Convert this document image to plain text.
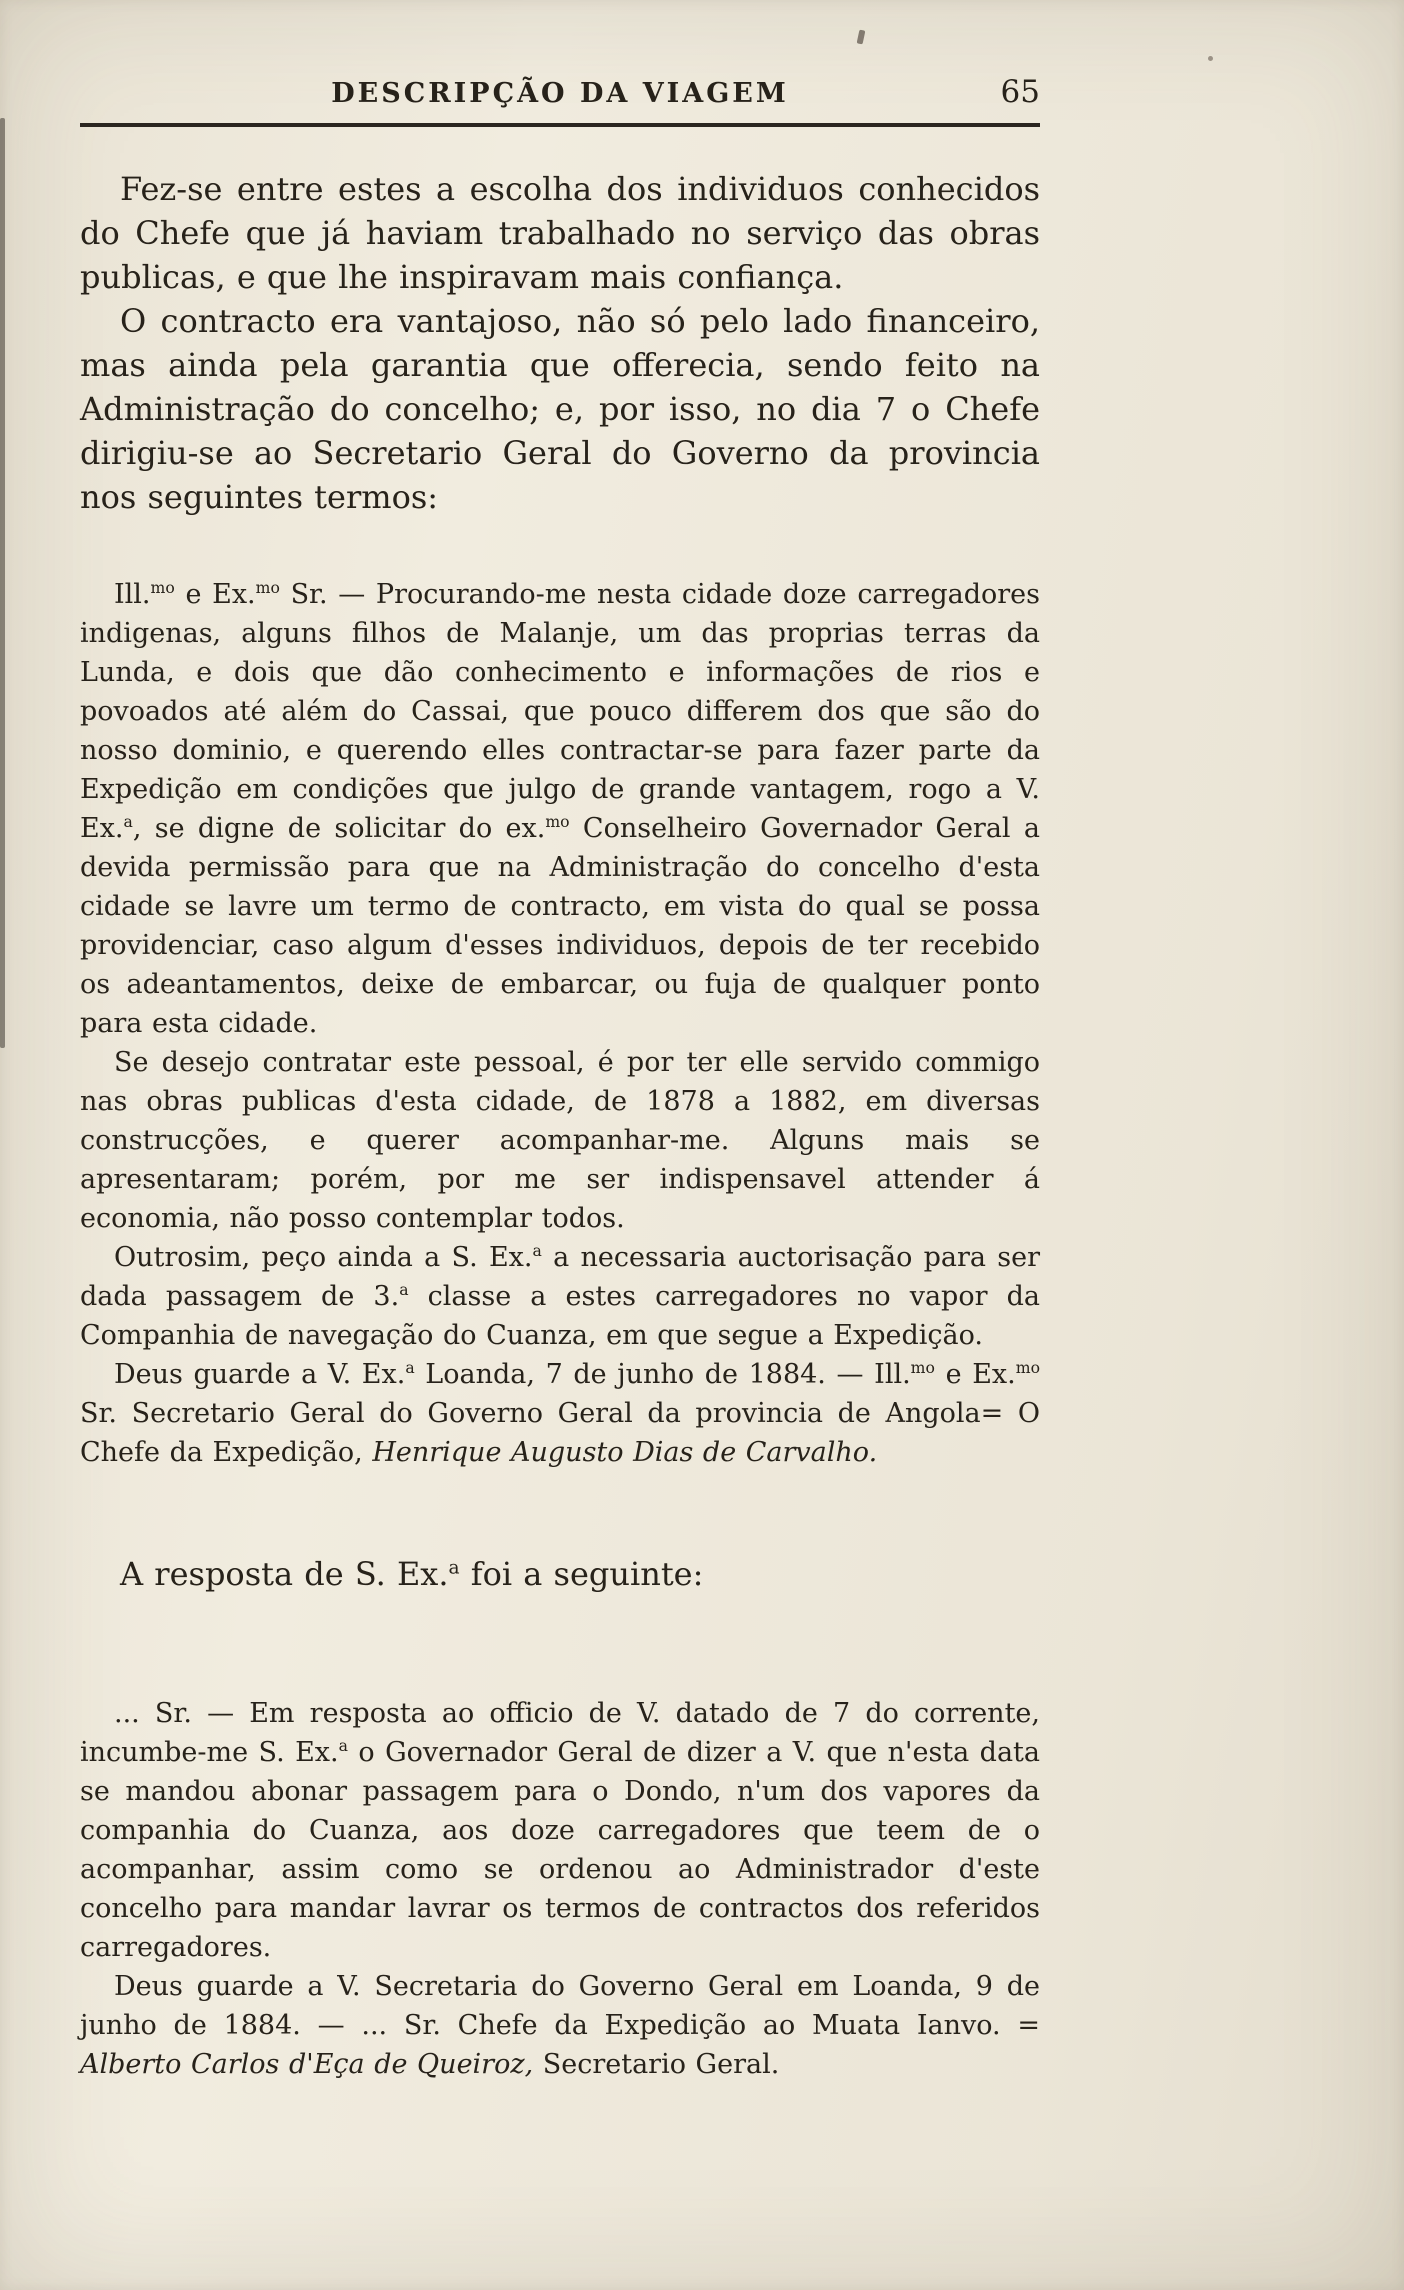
DESCRIPÇÃO DA VIAGEM	65

Fez-se entre estes a escolha dos individuos conhecidos do Chefe que já haviam trabalhado no serviço das obras publicas, e que lhe inspiravam mais confiança.

O contracto era vantajoso, não só pelo lado financeiro, mas ainda pela garantia que offerecia, sendo feito na Administração do concelho; e, por isso, no dia 7 o Chefe dirigiu-se ao Secretario Geral do Governo da provincia nos seguintes termos:

Ill.$^{mo}$ e Ex.$^{mo}$ Sr. — Procurando-me nesta cidade doze carregadores indigenas, alguns filhos de Malanje, um das proprias terras da Lunda, e dois que dão conhecimento e informações de rios e povoados até além do Cassai, que pouco differem dos que são do nosso dominio, e querendo elles contractar-se para fazer parte da Expedição em condições que julgo de grande vantagem, rogo a V. Ex.$^a$, se digne de solicitar do ex.$^{mo}$ Conselheiro Governador Geral a devida permissão para que na Administração do concelho d'esta cidade se lavre um termo de contracto, em vista do qual se possa providenciar, caso algum d'esses individuos, depois de ter recebido os adeantamentos, deixe de embarcar, ou fuja de qualquer ponto para esta cidade.

Se desejo contratar este pessoal, é por ter elle servido commigo nas obras publicas d'esta cidade, de 1878 a 1882, em diversas construcções, e querer acompanhar-me. Alguns mais se apresentaram; porém, por me ser indispensavel attender á economia, não posso contemplar todos.

Outrosim, peço ainda a S. Ex.$^a$ a necessaria auctorisação para ser dada passagem de 3.$^a$ classe a estes carregadores no vapor da Companhia de navegação do Cuanza, em que segue a Expedição.

Deus guarde a V. Ex.$^a$ Loanda, 7 de junho de 1884. — Ill.$^{mo}$ e Ex.$^{mo}$ Sr. Secretario Geral do Governo Geral da provincia de Angola= O Chefe da Expedição, Henrique Augusto Dias de Carvalho.

A resposta de S. Ex.$^a$ foi a seguinte:

... Sr. — Em resposta ao officio de V. datado de 7 do corrente, incumbe-me S. Ex.$^a$ o Governador Geral de dizer a V. que n'esta data se mandou abonar passagem para o Dondo, n'um dos vapores da companhia do Cuanza, aos doze carregadores que teem de o acompanhar, assim como se ordenou ao Administrador d'este concelho para mandar lavrar os termos de contractos dos referidos carregadores.

Deus guarde a V. Secretaria do Governo Geral em Loanda, 9 de junho de 1884. — ... Sr. Chefe da Expedição ao Muata Ianvo. = Alberto Carlos d'Eça de Queiroz, Secretario Geral.
